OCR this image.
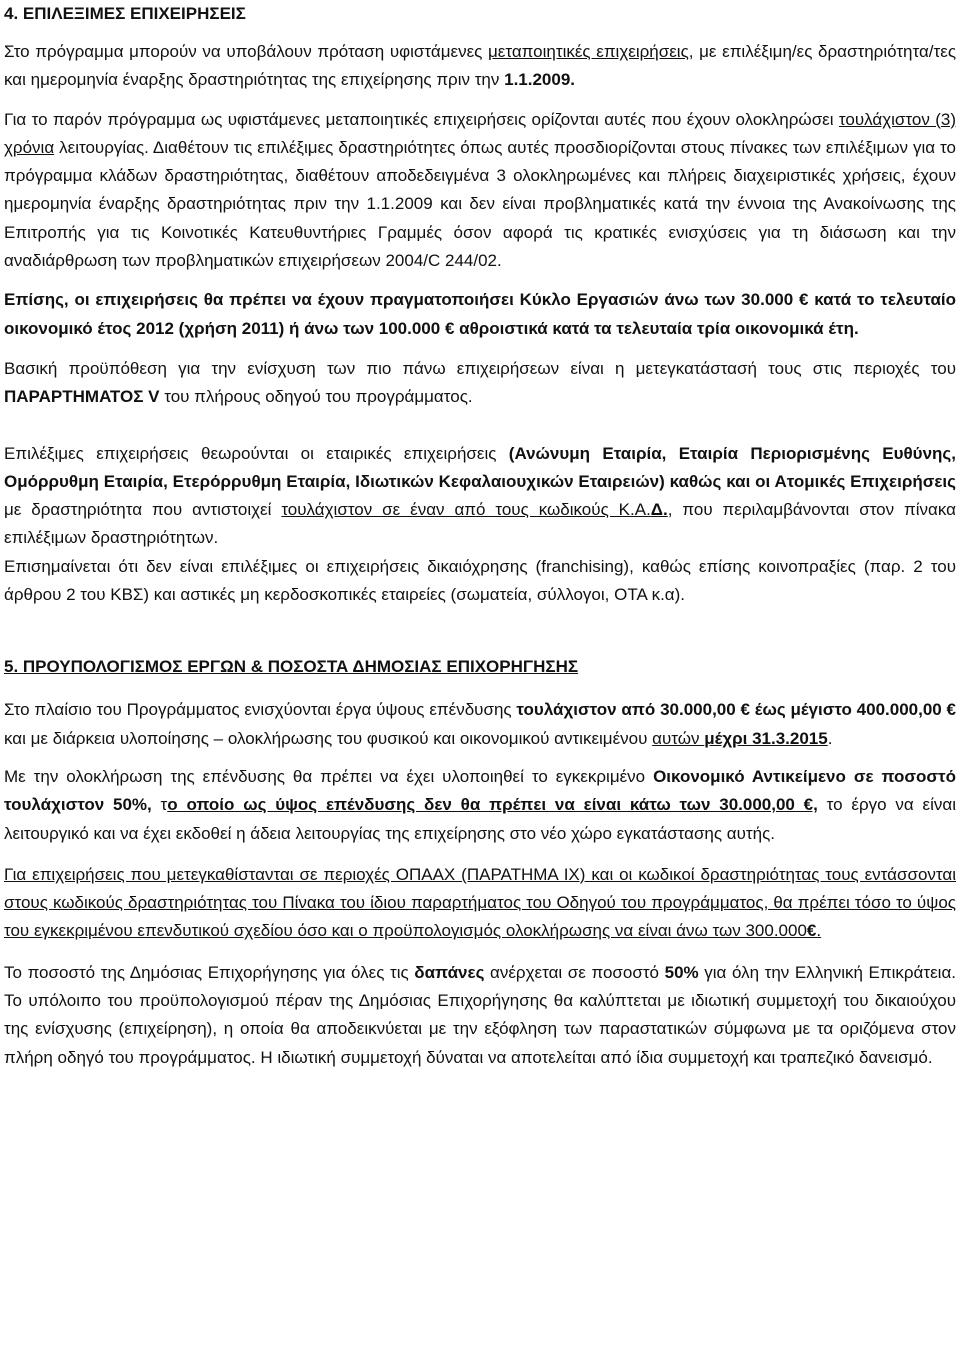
4. ΕΠΙΛΕΞΙΜΕΣ ΕΠΙΧΕΙΡΗΣΕΙΣ

Στο πρόγραμμα μπορούν να υποβάλουν πρόταση υφιστάμενες μεταποιητικές επιχειρήσεις, με επιλέξιμη/ες δραστηριότητα/τες και ημερομηνία έναρξης δραστηριότητας της επιχείρησης πριν την 1.1.2009.

Για το παρόν πρόγραμμα ως υφιστάμενες μεταποιητικές επιχειρήσεις ορίζονται αυτές που έχουν ολοκληρώσει τουλάχιστον (3) χρόνια λειτουργίας. Διαθέτουν τις επιλέξιμες δραστηριότητες όπως αυτές προσδιορίζονται στους πίνακες των επιλέξιμων για το πρόγραμμα κλάδων δραστηριότητας, διαθέτουν αποδεδειγμένα 3 ολοκληρωμένες και πλήρεις διαχειριστικές χρήσεις, έχουν ημερομηνία έναρξης δραστηριότητας πριν την 1.1.2009 και δεν είναι προβληματικές κατά την έννοια της Ανακοίνωσης της Επιτροπής για τις Κοινοτικές Κατευθυντήριες Γραμμές όσον αφορά τις κρατικές ενισχύσεις για τη διάσωση και την αναδιάρθρωση των προβληματικών επιχειρήσεων 2004/C 244/02.

Επίσης, οι επιχειρήσεις θα πρέπει να έχουν πραγματοποιήσει Κύκλο Εργασιών άνω των 30.000 € κατά το τελευταίο οικονομικό έτος 2012 (χρήση 2011) ή άνω των 100.000 € αθροιστικά κατά τα τελευταία τρία οικονομικά έτη.

Βασική προϋπόθεση για την ενίσχυση των πιο πάνω επιχειρήσεων είναι η μετεγκατάστασή τους στις περιοχές του ΠΑΡΑΡΤΗΜΑΤΟΣ V του πλήρους οδηγού του προγράμματος.

Επιλέξιμες επιχειρήσεις θεωρούνται οι εταιρικές επιχειρήσεις (Ανώνυμη Εταιρία, Εταιρία Περιορισμένης Ευθύνης, Ομόρρυθμη Εταιρία, Ετερόρρυθμη Εταιρία, Ιδιωτικών Κεφαλαιουχικών Εταιρειών) καθώς και οι Ατομικές Επιχειρήσεις με δραστηριότητα που αντιστοιχεί τουλάχιστον σε έναν από τους κωδικούς Κ.Α.Δ., που περιλαμβάνονται στον πίνακα επιλέξιμων δραστηριότητων.

Επισημαίνεται ότι δεν είναι επιλέξιμες οι επιχειρήσεις δικαιόχρησης (franchising), καθώς επίσης κοινοπραξίες (παρ. 2 του άρθρου 2 του ΚΒΣ) και αστικές μη κερδοσκοπικές εταιρείες (σωματεία, σύλλογοι, ΟΤΑ κ.α).

5. ΠΡΟΥΠΟΛΟΓΙΣΜΟΣ ΕΡΓΩΝ & ΠΟΣΟΣΤΑ ΔΗΜΟΣΙΑΣ ΕΠΙΧΟΡΗΓΗΣΗΣ

Στο πλαίσιο του Προγράμματος ενισχύονται έργα ύψους επένδυσης τουλάχιστον από 30.000,00 € έως μέγιστο 400.000,00 € και με διάρκεια υλοποίησης – ολοκλήρωσης του φυσικού και οικονομικού αντικειμένου αυτών μέχρι 31.3.2015.

Με την ολοκλήρωση της επένδυσης θα πρέπει να έχει υλοποιηθεί το εγκεκριμένο Οικονομικό Αντικείμενο σε ποσοστό τουλάχιστον 50%, το οποίο ως ύψος επένδυσης δεν θα πρέπει να είναι κάτω των 30.000,00 €, το έργο να είναι λειτουργικό και να έχει εκδοθεί η άδεια λειτουργίας της επιχείρησης στο νέο χώρο εγκατάστασης αυτής.

Για επιχειρήσεις που μετεγκαθίστανται σε περιοχές ΟΠΑΑΧ (ΠΑΡΑΤΗΜΑ IX) και οι κωδικοί δραστηριότητας τους εντάσσονται στους κωδικούς δραστηριότητας του Πίνακα του ίδιου παραρτήματος του Οδηγού του προγράμματος, θα πρέπει τόσο το ύψος του εγκεκριμένου επενδυτικού σχεδίου όσο και ο προϋπολογισμός ολοκλήρωσης να είναι άνω των 300.000€.

Το ποσοστό της Δημόσιας Επιχορήγησης για όλες τις δαπάνες ανέρχεται σε ποσοστό 50% για όλη την Ελληνική Επικράτεια. Το υπόλοιπο του προϋπολογισμού πέραν της Δημόσιας Επιχορήγησης θα καλύπτεται με ιδιωτική συμμετοχή του δικαιούχου της ενίσχυσης (επιχείρηση), η οποία θα αποδεικνύεται με την εξόφληση των παραστατικών σύμφωνα με τα οριζόμενα στον πλήρη οδηγό του προγράμματος. Η ιδιωτική συμμετοχή δύναται να αποτελείται από ίδια συμμετοχή και τραπεζικό δανεισμό.
